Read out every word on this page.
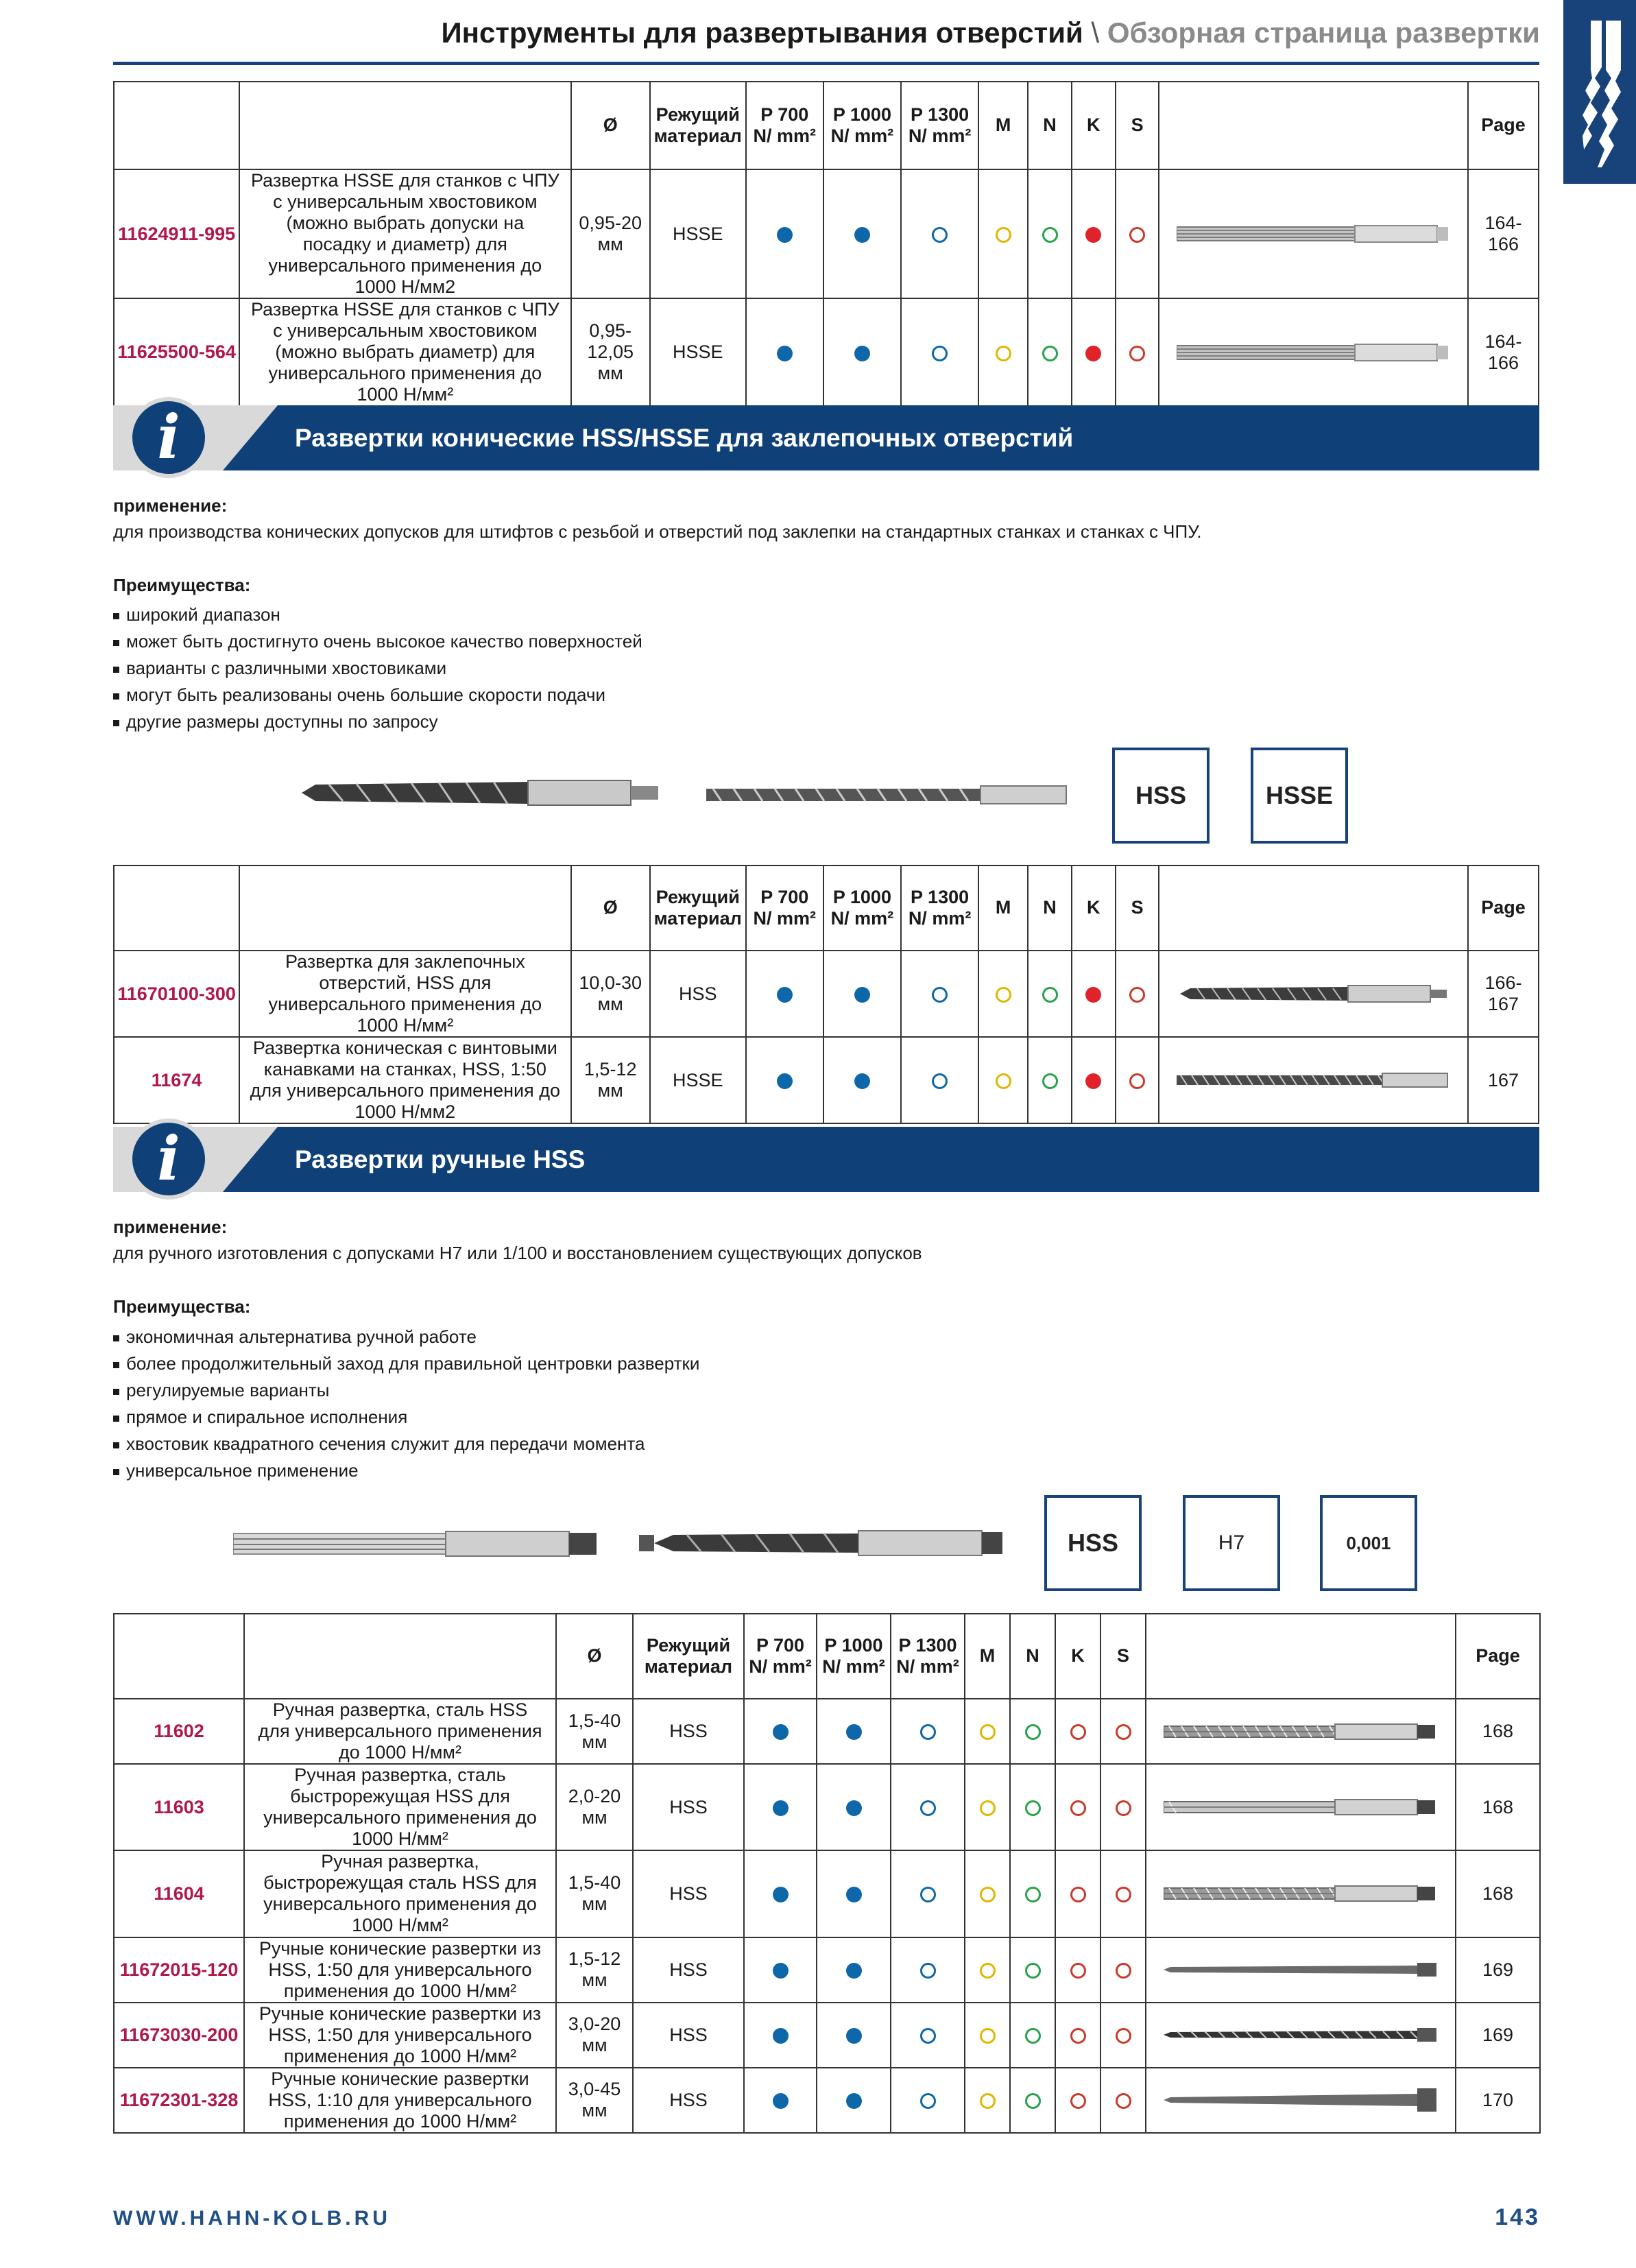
Инструменты для развертывания отверстий \ Обзорная страница развертки
		Ø	Режущий материал	P 700 N/ mm²	P 1000 N/ mm²	P 1300 N/ mm²	M	N	K	S		Page
11624911-995	Развертка HSSE для станков с ЧПУ с универсальным хвостовиком (можно выбрать допуски на посадку и диаметр) для универсального применения до 1000 Н/мм2	0,95-20 мм	HSSE									164-166
11625500-564	Развертка HSSE для станков с ЧПУ с универсальным хвостовиком (можно выбрать диаметр) для универсального применения до 1000 Н/мм²	0,95-12,05 мм	HSSE									164-166
i	Развертки конические HSS/HSSE для заклепочных отверстий
применение:
для производства конических допусков для штифтов с резьбой и отверстий под заклепки на стандартных станках и станках с ЧПУ.
Преимущества:
широкий диапазон
может быть достигнуто очень высокое качество поверхностей
варианты с различными хвостовиками
могут быть реализованы очень большие скорости подачи
другие размеры доступны по запросу
HSS	HSSE
		Ø	Режущий материал	P 700 N/ mm²	P 1000 N/ mm²	P 1300 N/ mm²	M	N	K	S		Page
11670100-300	Развертка для заклепочных отверстий, HSS для универсального применения до 1000 Н/мм²	10,0-30 мм	HSS									166-167
11674	Развертка коническая с винтовыми канавками на станках, HSS, 1:50 для универсального применения до 1000 Н/мм2	1,5-12 мм	HSSE									167
i	Развертки ручные HSS
применение:
для ручного изготовления с допусками H7 или 1/100 и восстановлением существующих допусков
Преимущества:
экономичная альтернатива ручной работе
более продолжительный заход для правильной центровки развертки
регулируемые варианты
прямое и спиральное исполнения
хвостовик квадратного сечения служит для передачи момента
универсальное применение
HSS	H7	0,001
		Ø	Режущий материал	P 700 N/ mm²	P 1000 N/ mm²	P 1300 N/ mm²	M	N	K	S		Page
11602	Ручная развертка, сталь HSS для универсального применения до 1000 Н/мм²	1,5-40 мм	HSS									168
11603	Ручная развертка, сталь быстрорежущая HSS для универсального применения до 1000 Н/мм²	2,0-20 мм	HSS									168
11604	Ручная развертка, быстрорежущая сталь HSS для универсального применения до 1000 Н/мм²	1,5-40 мм	HSS									168
11672015-120	Ручные конические развертки из HSS, 1:50 для универсального применения до 1000 Н/мм²	1,5-12 мм	HSS									169
11673030-200	Ручные конические развертки из HSS, 1:50 для универсального применения до 1000 Н/мм²	3,0-20 мм	HSS									169
11672301-328	Ручные конические развертки HSS, 1:10 для универсального применения до 1000 Н/мм²	3,0-45 мм	HSS									170
WWW.HAHN-KOLB.RU	143
